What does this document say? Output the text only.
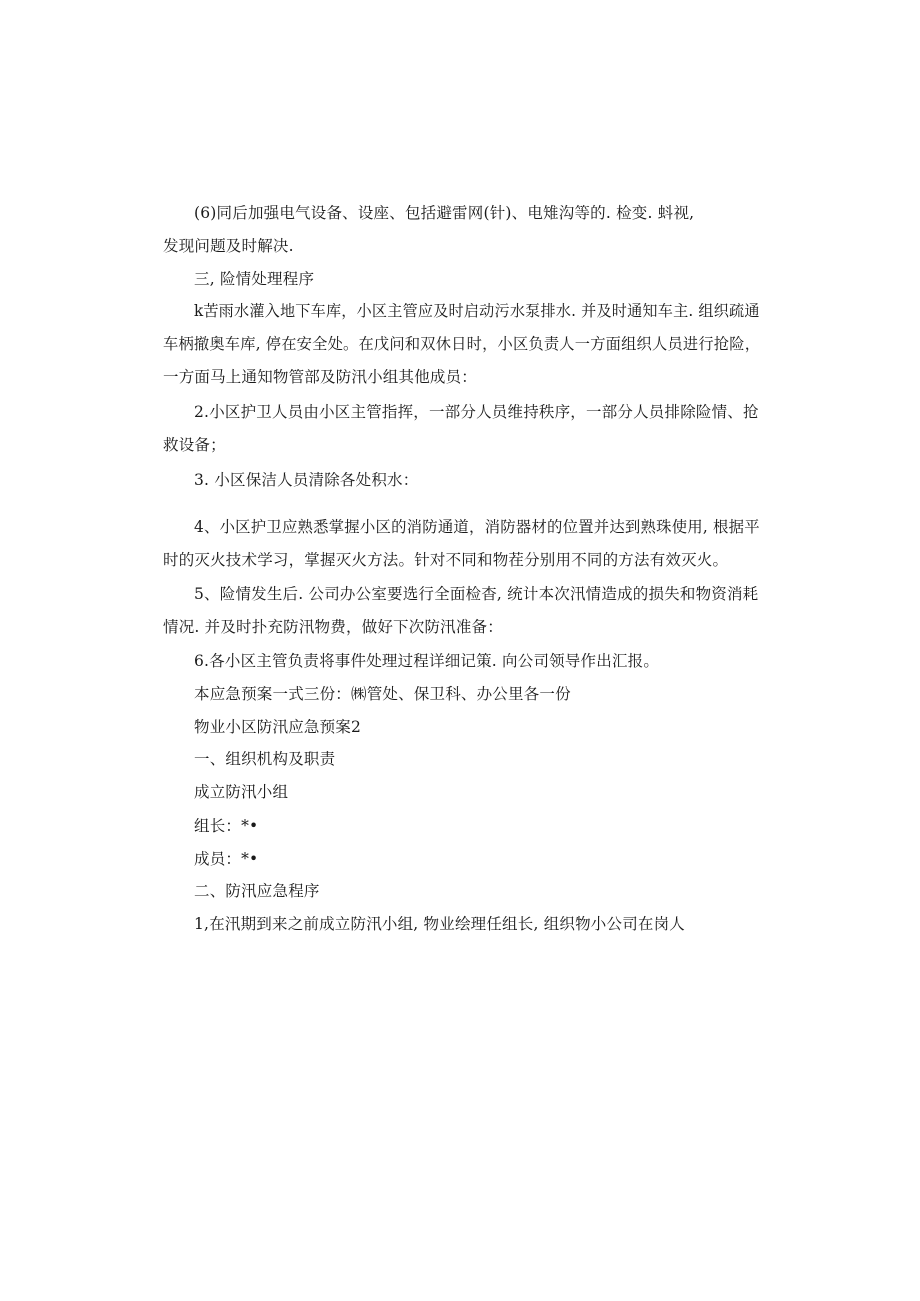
(6)同后加强电气设备、设座、包括避雷网(针)、电雉沟等的. 检变. 蚪视,
发现问题及时解决.
三, 险情处理程序
k苦雨水灌入地下车库，小区主管应及时启动污水泵排水. 并及时通知车主. 组织疏通
车柄撤奥车库, 停在安全处。在戊问和双休日时，小区负责人一方面组织人员进行抢险，
一方面马上通知物管部及防汛小组其他成员：
2.小区护卫人员由小区主管指挥，一部分人员维持秩序，一部分人员排除险情、抢
救设备；
3. 小区保洁人员清除各处积水：
4、小区护卫应熟悉掌握小区的消防通道，消防器材的位置并达到熟珠使用, 根据平
时的灭火技术学习，掌握灭火方法。针对不同和物茬分别用不同的方法有效灭火。
5、险情发生后. 公司办公室要选行全面检杳, 统计本次汛情造成的损失和物资消耗
情况. 并及时扑充防汛物费，做好下次防汛准备：
6.各小区主管负责将事件处理过程详细记策. 向公司领导作出汇报。
本应急预案一式三份：㈱管处、保卫科、办公里各一份
物业小区防汛应急预案2
一、组织机构及职责
成立防汛小组
组长：*•
成员：*•
二、防汛应急程序
1,在汛期到来之前成立防汛小组, 物业绘理任组长, 组织物小公司在岗人
